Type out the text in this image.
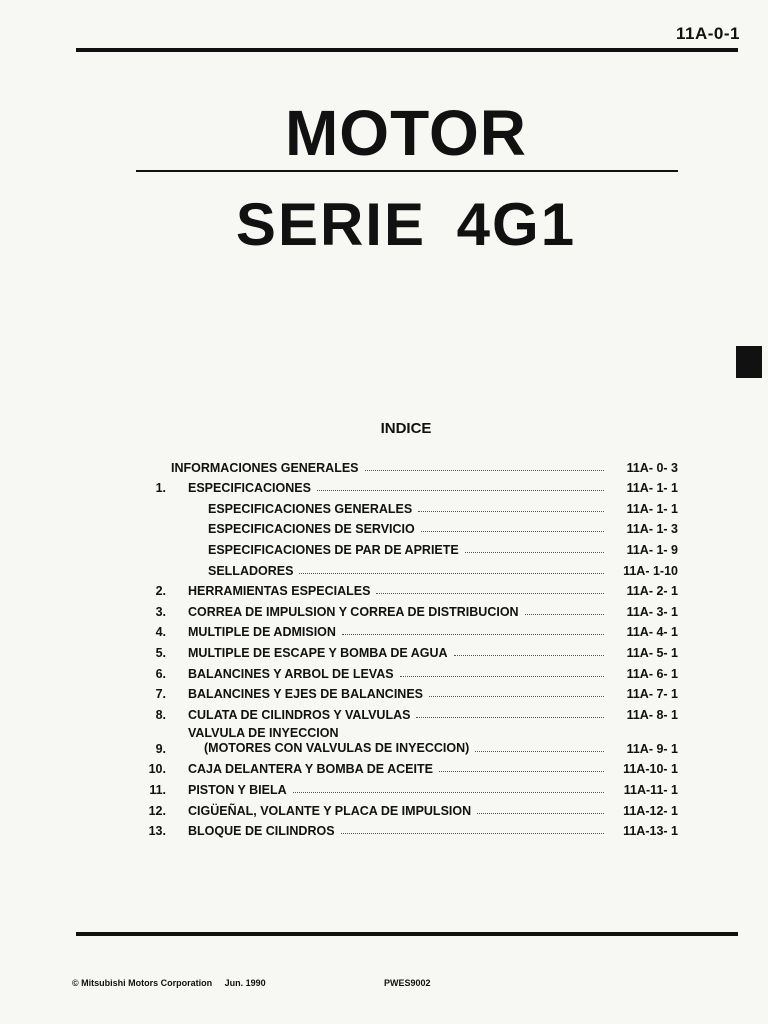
11A-0-1
MOTOR
SERIE 4G1
INDICE
INFORMACIONES GENERALES	11A- 0- 3
1.	ESPECIFICACIONES	11A- 1- 1
ESPECIFICACIONES GENERALES	11A- 1- 1
ESPECIFICACIONES DE SERVICIO	11A- 1- 3
ESPECIFICACIONES DE PAR DE APRIETE	11A- 1- 9
SELLADORES	11A- 1-10
2.	HERRAMIENTAS ESPECIALES	11A- 2- 1
3.	CORREA DE IMPULSION Y CORREA DE DISTRIBUCION	11A- 3- 1
4.	MULTIPLE DE ADMISION	11A- 4- 1
5.	MULTIPLE DE ESCAPE Y BOMBA DE AGUA	11A- 5- 1
6.	BALANCINES Y ARBOL DE LEVAS	11A- 6- 1
7.	BALANCINES Y EJES DE BALANCINES	11A- 7- 1
8.	CULATA DE CILINDROS Y VALVULAS	11A- 8- 1
9.
VALVULA DE INYECCION
(MOTORES CON VALVULAS DE INYECCION)	11A- 9- 1
10.	CAJA DELANTERA Y BOMBA DE ACEITE	11A-10- 1
11.	PISTON Y BIELA	11A-11- 1
12.	CIGÜEÑAL, VOLANTE Y PLACA DE IMPULSION	11A-12- 1
13.	BLOQUE DE CILINDROS	11A-13- 1
© Mitsubishi Motors Corporation Jun. 1990	PWES9002
